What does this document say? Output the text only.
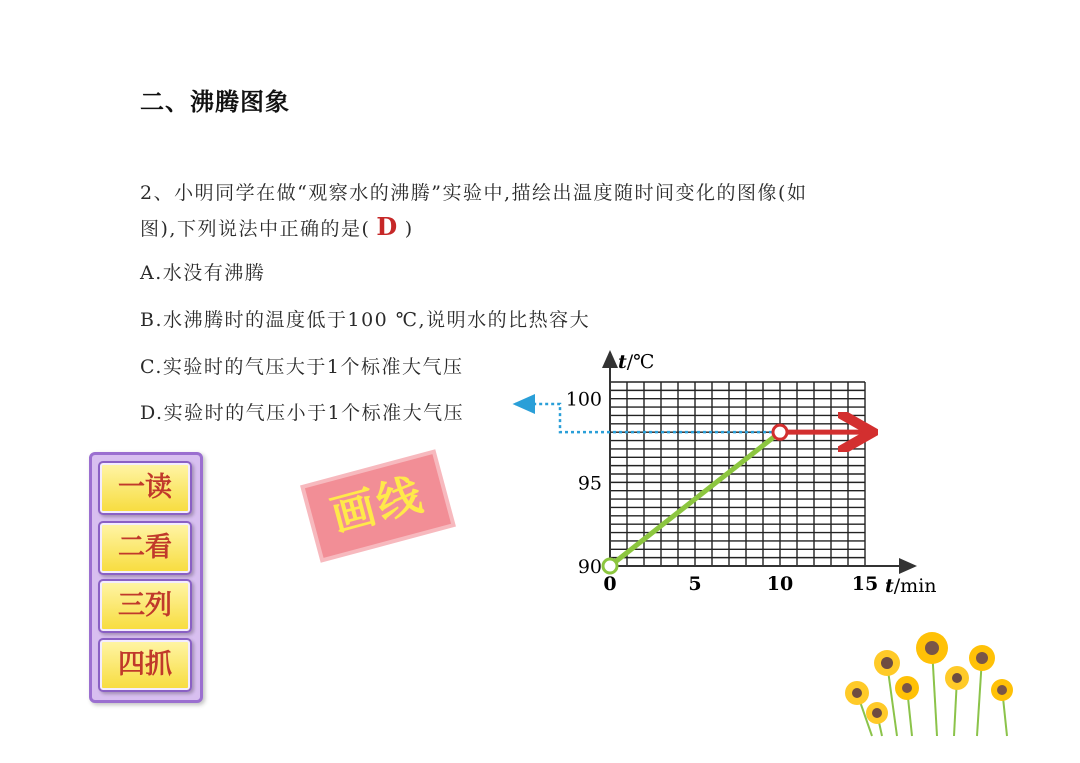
二、沸腾图象
2、小明同学在做“观察水的沸腾”实验中,描绘出温度随时间变化的图像(如
图),下列说法中正确的是( D )
A.水没有沸腾
B.水沸腾时的温度低于100 ℃,说明水的比热容大
C.实验时的气压大于1个标准大气压
D.实验时的气压小于1个标准大气压
一读
二看
三列
四抓
画线
90
95
100
0	5	10	15
t/℃
t/min
